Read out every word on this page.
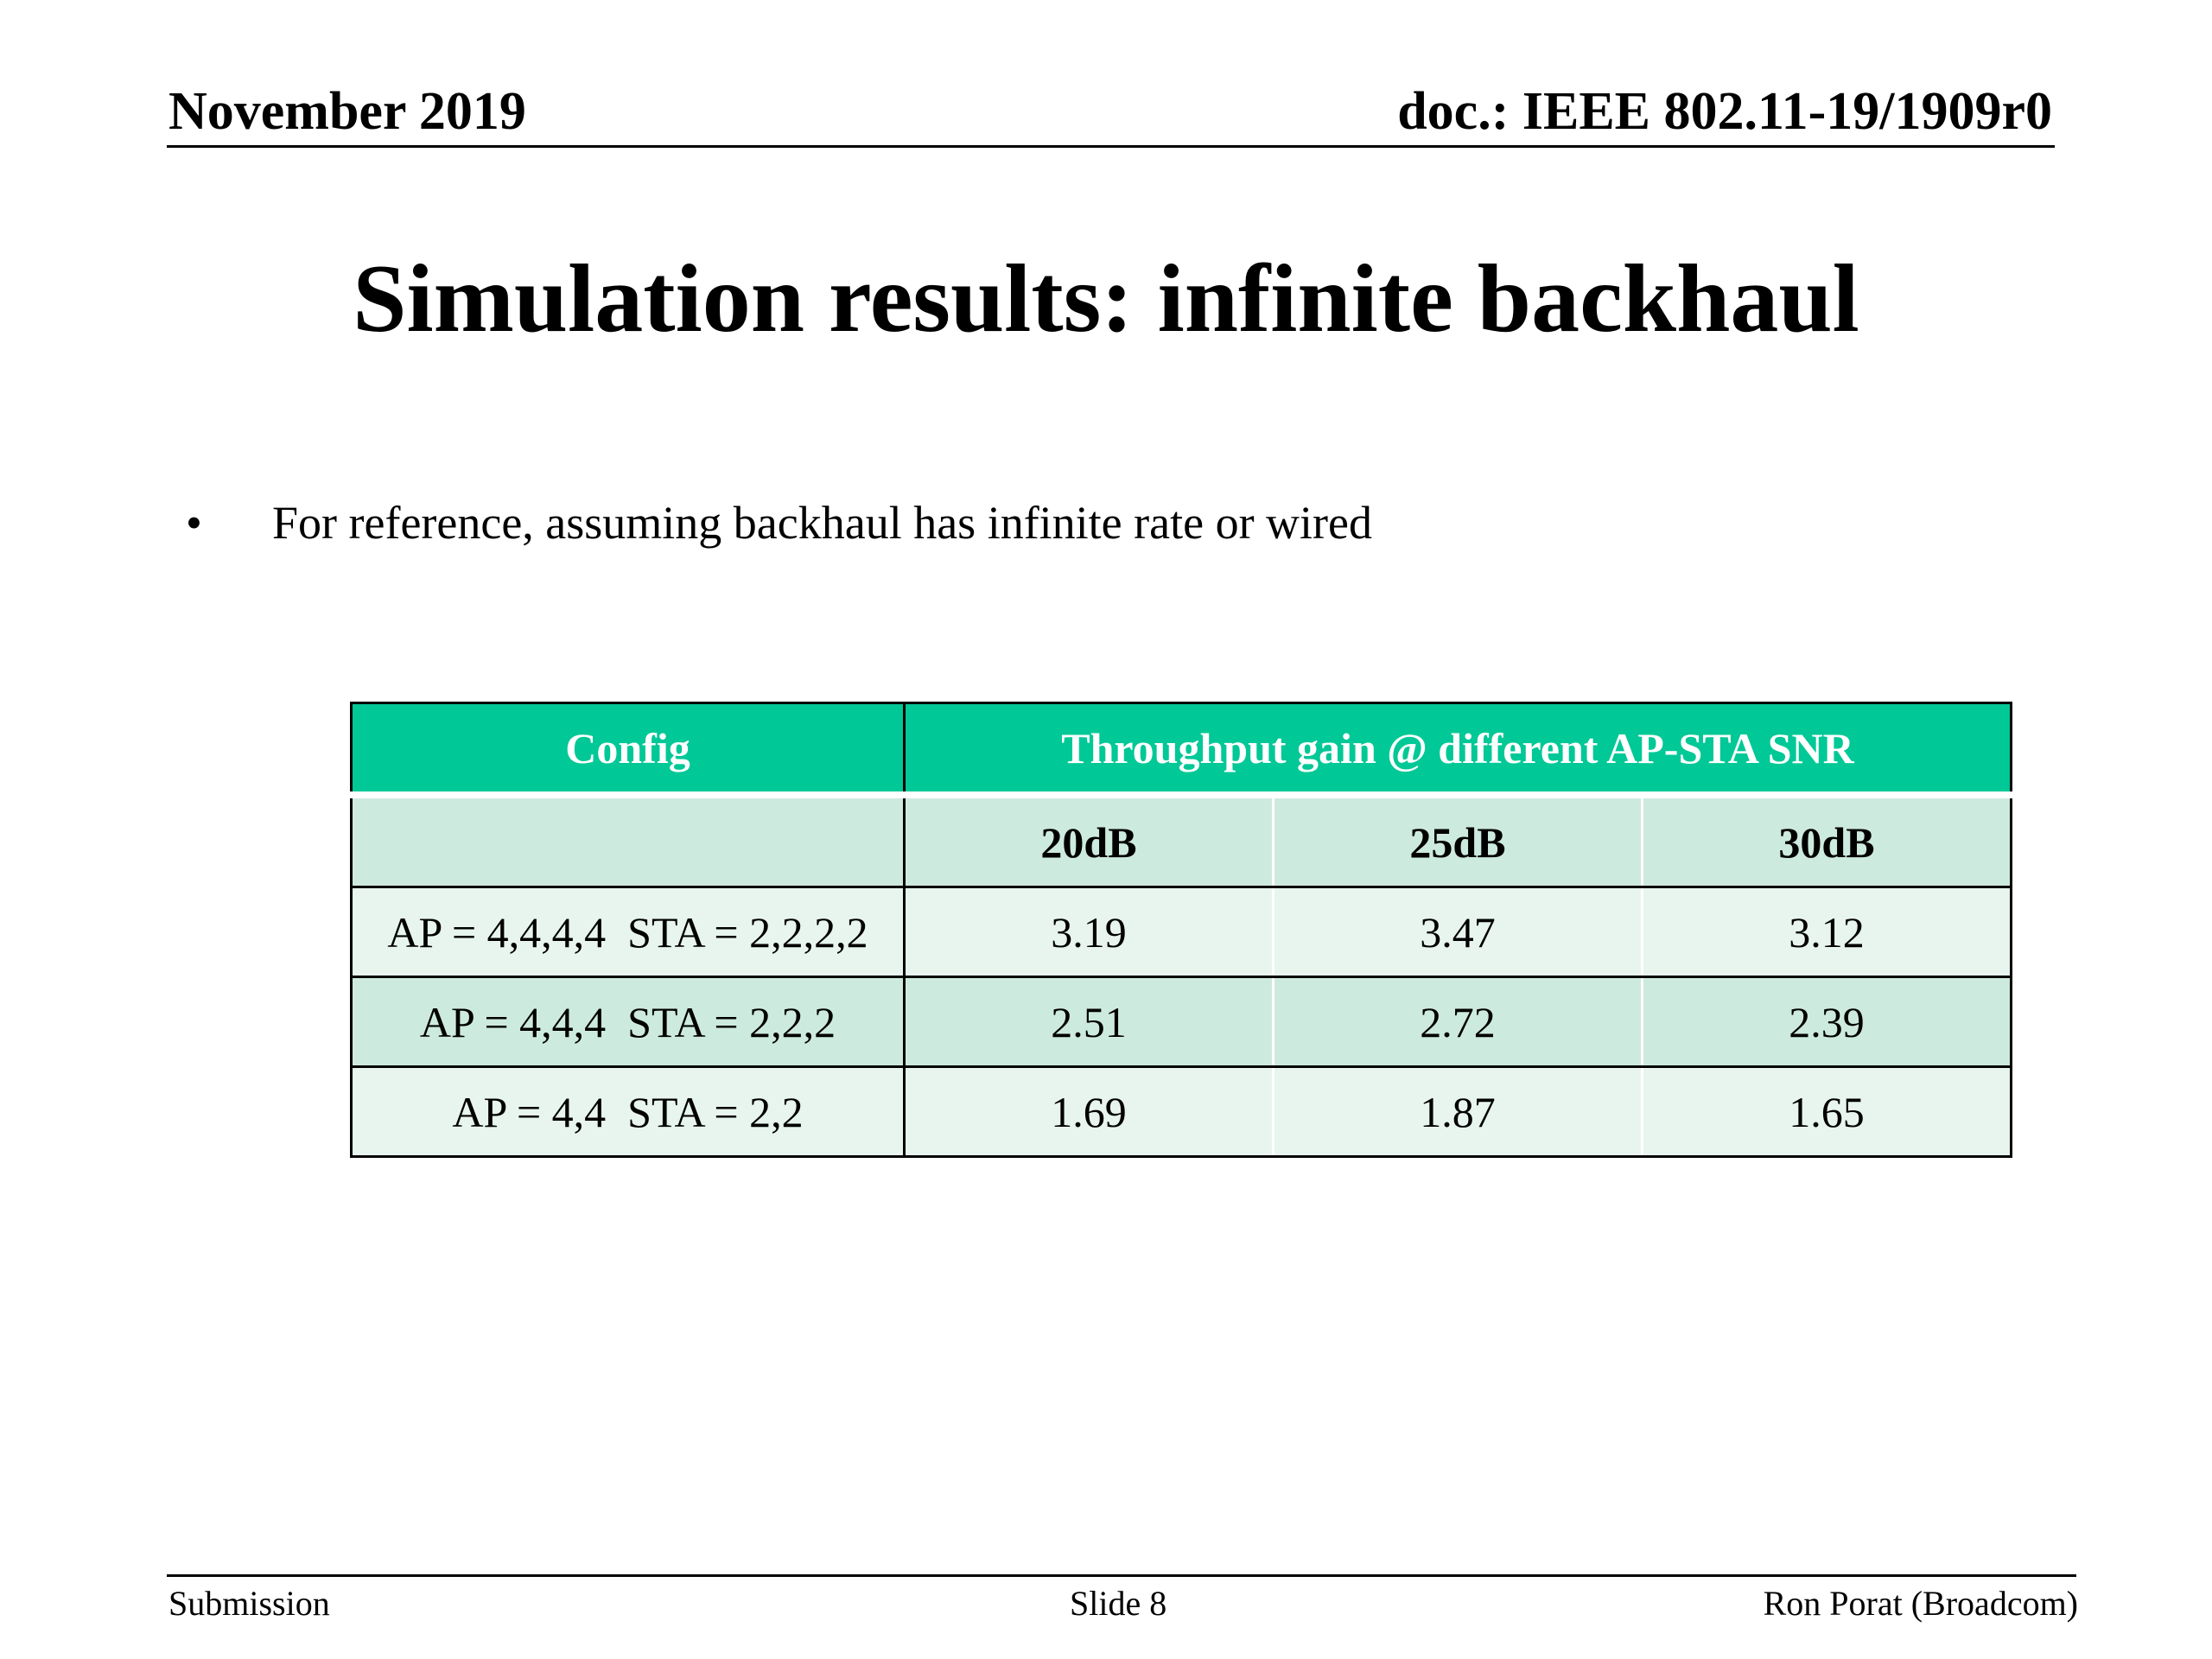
November 2019	doc.: IEEE 802.11-19/1909r0
Simulation results: infinite backhaul
• For reference, assuming backhaul has infinite rate or wired
Config	Throughput gain @ different AP-STA SNR		
	20dB	25dB	30dB
AP = 4,4,4,4  STA = 2,2,2,2	3.19	3.47	3.12
AP = 4,4,4  STA = 2,2,2	2.51	2.72	2.39
AP = 4,4  STA = 2,2	1.69	1.87	1.65
Submission	Slide 8	Ron Porat (Broadcom)
